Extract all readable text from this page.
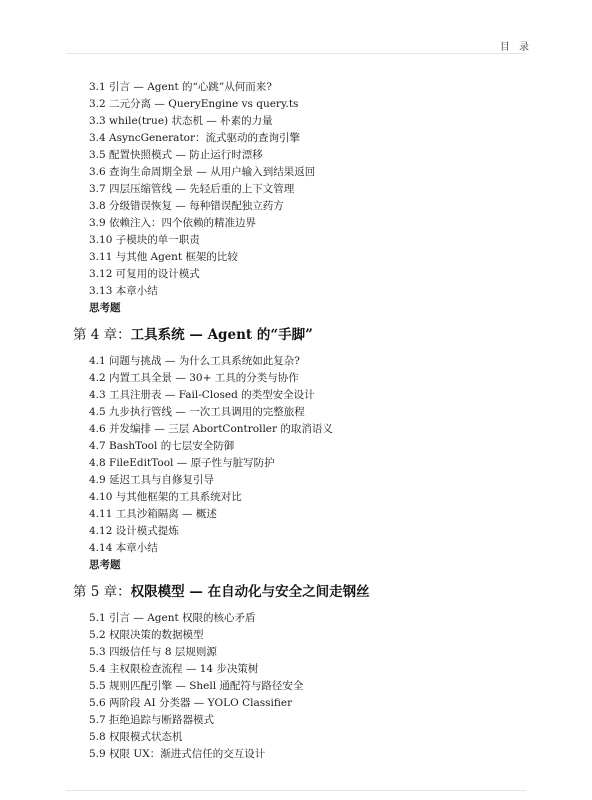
目 录
3.1 引言 — Agent 的“心跳”从何而来?
3.2 二元分离 — QueryEngine vs query.ts
3.3 while(true) 状态机 — 朴素的力量
3.4 AsyncGenerator：流式驱动的查询引擎
3.5 配置快照模式 — 防止运行时漂移
3.6 查询生命周期全景 — 从用户输入到结果返回
3.7 四层压缩管线 — 先轻后重的上下文管理
3.8 分级错误恢复 — 每种错误配独立药方
3.9 依赖注入：四个依赖的精准边界
3.10 子模块的单一职责
3.11 与其他 Agent 框架的比较
3.12 可复用的设计模式
3.13 本章小结
思考题
第 4 章：工具系统 — Agent 的“手脚”
4.1 问题与挑战 — 为什么工具系统如此复杂?
4.2 内置工具全景 — 30+ 工具的分类与协作
4.3 工具注册表 — Fail-Closed 的类型安全设计
4.5 九步执行管线 — 一次工具调用的完整旅程
4.6 并发编排 — 三层 AbortController 的取消语义
4.7 BashTool 的七层安全防御
4.8 FileEditTool — 原子性与脏写防护
4.9 延迟工具与自修复引导
4.10 与其他框架的工具系统对比
4.11 工具沙箱隔离 — 概述
4.12 设计模式提炼
4.14 本章小结
思考题
第 5 章：权限模型 — 在自动化与安全之间走钢丝
5.1 引言 — Agent 权限的核心矛盾
5.2 权限决策的数据模型
5.3 四级信任与 8 层规则源
5.4 主权限检查流程 — 14 步决策树
5.5 规则匹配引擎 — Shell 通配符与路径安全
5.6 两阶段 AI 分类器 — YOLO Classifier
5.7 拒绝追踪与断路器模式
5.8 权限模式状态机
5.9 权限 UX：渐进式信任的交互设计
